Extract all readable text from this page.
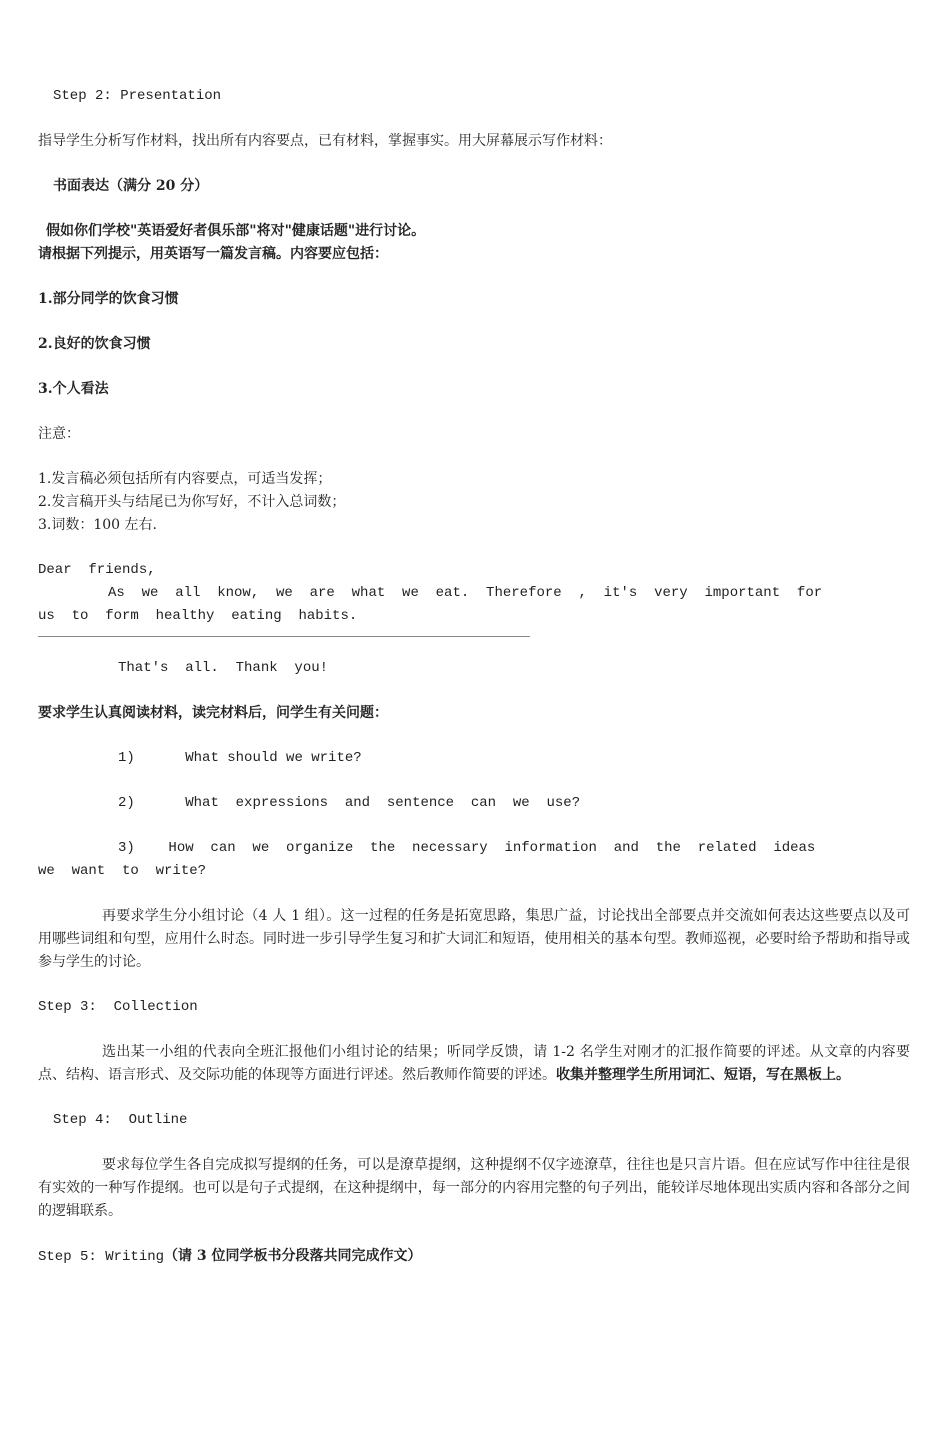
Step 2: Presentation

指导学生分析写作材料，找出所有内容要点，已有材料，掌握事实。用大屏幕展示写作材料：

书面表达（满分 20 分）

假如你们学校"英语爱好者俱乐部"将对"健康话题"进行讨论。

请根据下列提示，用英语写一篇发言稿。内容要应包括：

1.部分同学的饮食习惯

2.良好的饮食习惯

3.个人看法

注意：

1.发言稿必须包括所有内容要点，可适当发挥；

2.发言稿开头与结尾已为你写好，不计入总词数；

3.词数：100 左右.

Dear  friends,

As  we  all  know,  we  are  what  we  eat.  Therefore  ,  it's  very  important  for

us  to  form  healthy  eating  habits.

That's  all.  Thank  you!

要求学生认真阅读材料，读完材料后，问学生有关问题：

1)	What should we write?

2)	What  expressions  and  sentence  can  we  use?

3) How  can  we  organize  the  necessary  information  and  the  related  ideas

we  want  to  write?

再要求学生分小组讨论（4 人 1 组）。这一过程的任务是拓宽思路，集思广益，讨论找出全部要点并交流如何表达这些要点以及可用哪些词组和句型，应用什么时态。同时进一步引导学生复习和扩大词汇和短语，使用相关的基本句型。教师巡视，必要时给予帮助和指导或参与学生的讨论。

Step 3:  Collection

选出某一小组的代表向全班汇报他们小组讨论的结果；听同学反馈，请 1-2 名学生对刚才的汇报作简要的评述。从文章的内容要点、结构、语言形式、及交际功能的体现等方面进行评述。然后教师作简要的评述。收集并整理学生所用词汇、短语，写在黑板上。

Step 4:  Outline

要求每位学生各自完成拟写提纲的任务，可以是潦草提纲，这种提纲不仅字迹潦草，往往也是只言片语。但在应试写作中往往是很有实效的一种写作提纲。也可以是句子式提纲，在这种提纲中，每一部分的内容用完整的句子列出，能较详尽地体现出实质内容和各部分之间的逻辑联系。

Step 5: Writing（请 3 位同学板书分段落共同完成作文）
